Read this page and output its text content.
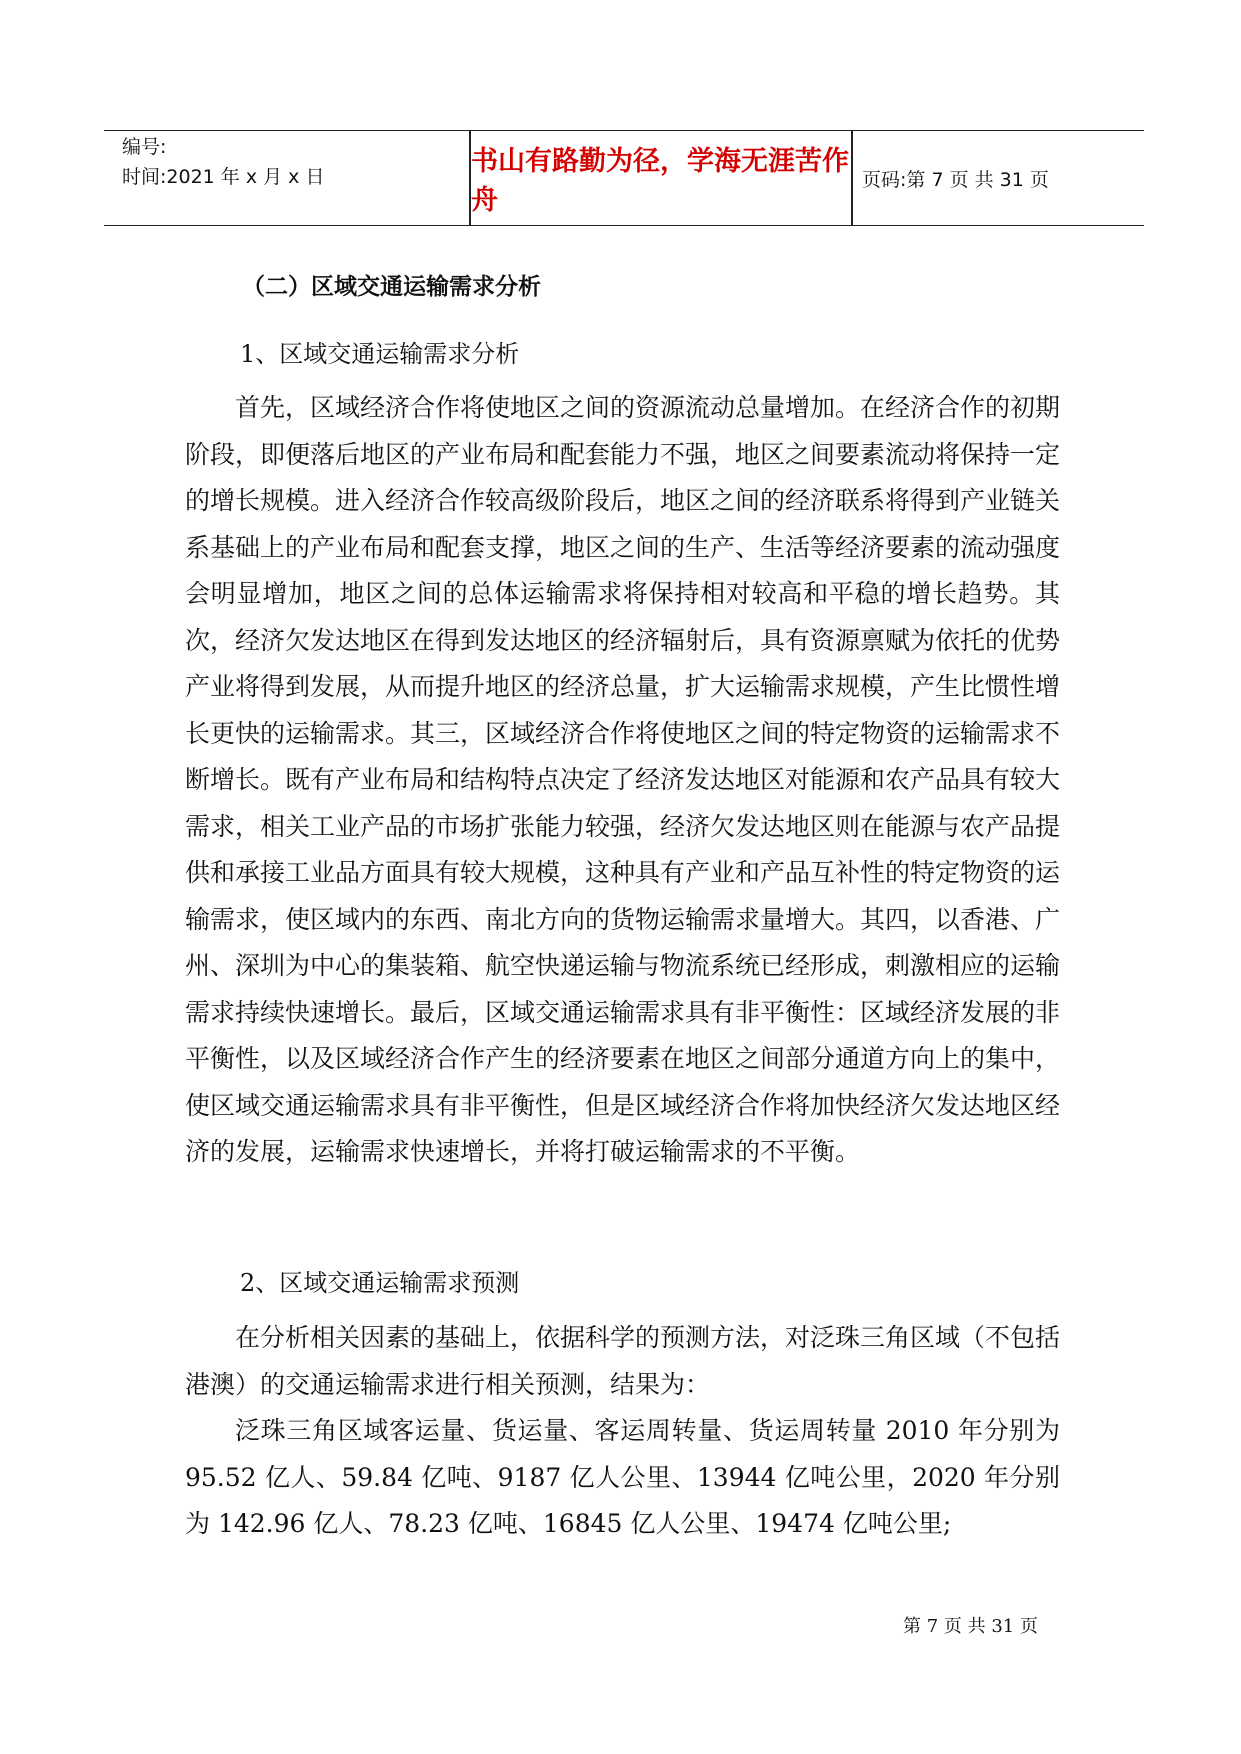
编号:
时间:2021 年 x 月 x 日	书山有路勤为径，学海无涯苦作舟
页码:第 7 页 共 31 页
（二）区域交通运输需求分析
1、区域交通运输需求分析
首先，区域经济合作将使地区之间的资源流动总量增加。在经济合作的初期阶段，即便落后地区的产业布局和配套能力不强，地区之间要素流动将保持一定的增长规模。进入经济合作较高级阶段后，地区之间的经济联系将得到产业链关系基础上的产业布局和配套支撑，地区之间的生产、生活等经济要素的流动强度会明显增加，地区之间的总体运输需求将保持相对较高和平稳的增长趋势。其次，经济欠发达地区在得到发达地区的经济辐射后，具有资源禀赋为依托的优势产业将得到发展，从而提升地区的经济总量，扩大运输需求规模，产生比惯性增长更快的运输需求。其三，区域经济合作将使地区之间的特定物资的运输需求不断增长。既有产业布局和结构特点决定了经济发达地区对能源和农产品具有较大需求，相关工业产品的市场扩张能力较强，经济欠发达地区则在能源与农产品提供和承接工业品方面具有较大规模，这种具有产业和产品互补性的特定物资的运输需求，使区域内的东西、南北方向的货物运输需求量增大。其四，以香港、广州、深圳为中心的集装箱、航空快递运输与物流系统已经形成，刺激相应的运输需求持续快速增长。最后，区域交通运输需求具有非平衡性：区域经济发展的非平衡性，以及区域经济合作产生的经济要素在地区之间部分通道方向上的集中，使区域交通运输需求具有非平衡性，但是区域经济合作将加快经济欠发达地区经济的发展，运输需求快速增长，并将打破运输需求的不平衡。
2、区域交通运输需求预测
在分析相关因素的基础上，依据科学的预测方法，对泛珠三角区域（不包括港澳）的交通运输需求进行相关预测，结果为：
泛珠三角区域客运量、货运量、客运周转量、货运周转量 2010 年分别为 95.52 亿人、59.84 亿吨、9187 亿人公里、13944 亿吨公里，2020 年分别为 142.96 亿人、78.23 亿吨、16845 亿人公里、19474 亿吨公里;
第 7 页 共 31 页
